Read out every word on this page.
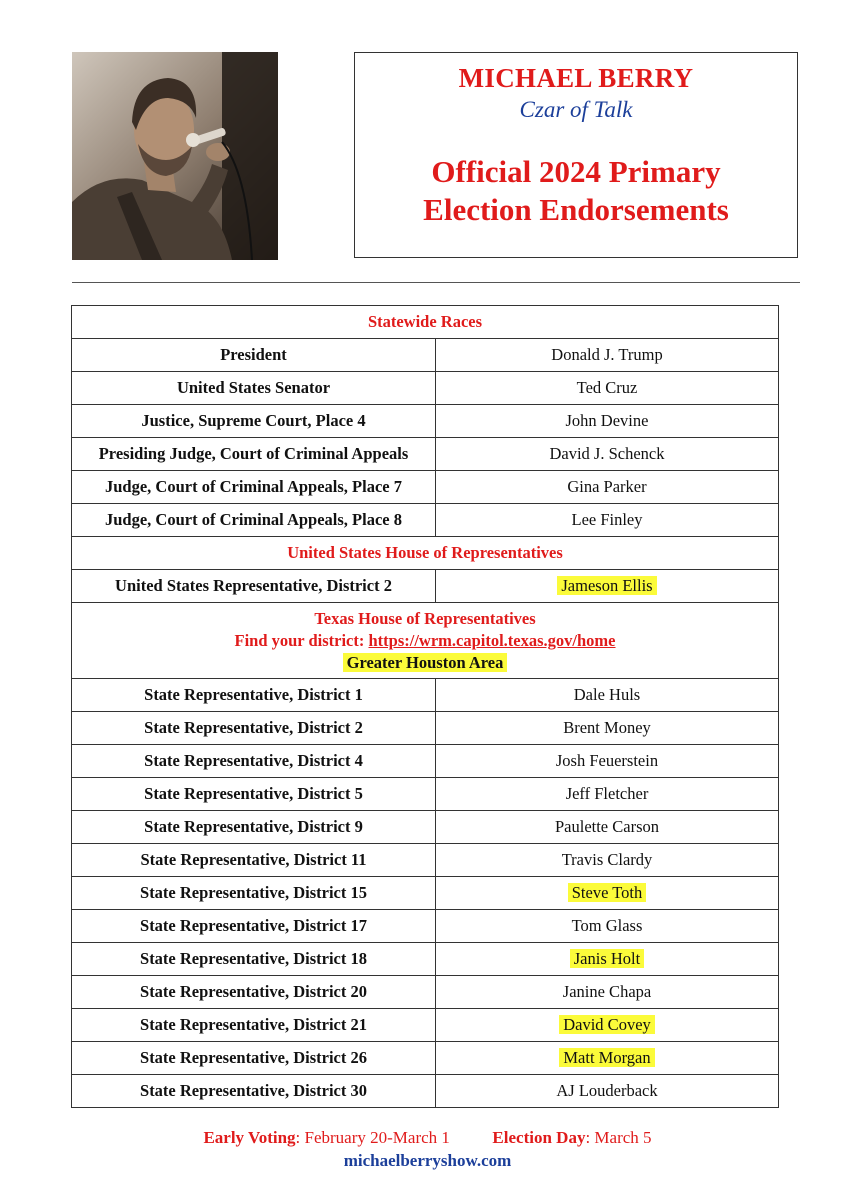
MICHAEL BERRY
Czar of Talk
Official 2024 Primary
Election Endorsements
Statewide Races	
President	Donald J. Trump
United States Senator	Ted Cruz
Justice, Supreme Court, Place 4	John Devine
Presiding Judge, Court of Criminal Appeals	David J. Schenck
Judge, Court of Criminal Appeals, Place 7	Gina Parker
Judge, Court of Criminal Appeals, Place 8	Lee Finley
United States House of Representatives	
United States Representative, District 2	Jameson Ellis

Texas House of Representatives
Find your district: https://wrm.capitol.texas.gov/home
Greater Houston Area	

State Representative, District 1	Dale Huls
State Representative, District 2	Brent Money
State Representative, District 4	Josh Feuerstein
State Representative, District 5	Jeff Fletcher
State Representative, District 9	Paulette Carson
State Representative, District 11	Travis Clardy
State Representative, District 15	Steve Toth
State Representative, District 17	Tom Glass
State Representative, District 18	Janis Holt
State Representative, District 20	Janine Chapa
State Representative, District 21	David Covey
State Representative, District 26	Matt Morgan
State Representative, District 30	AJ Louderback
Early Voting: February 20-March 1	Election Day: March 5
michaelberryshow.com
